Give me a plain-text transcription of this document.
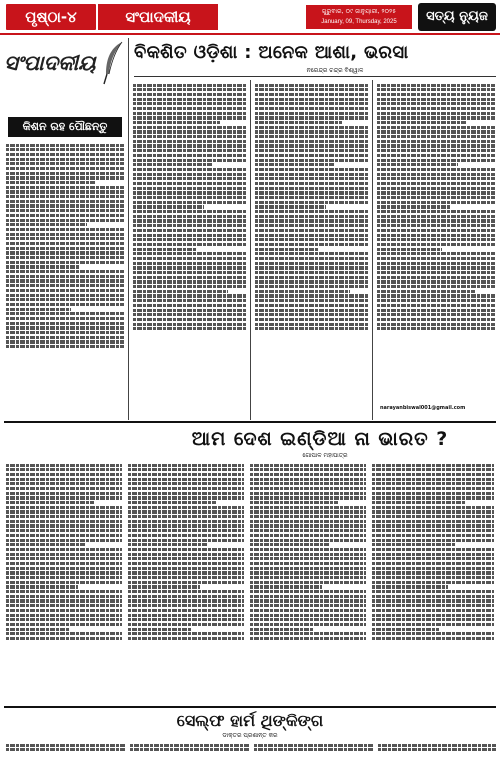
ପୃଷ୍ଠା-୪	ସଂପାଦକୀୟ	ଗୁରୁବାର, ୦୯ ଜାନୁୟାରୀ, ୨୦୨୫
January, 09, Thursday, 2025	ସତ୍ୟ ନ୍ୟୁଜ
ସଂପାଦକୀୟ	ବିକଶିତ ଓଡ଼ିଶା : ଅନେକ ଆଶା, ଭରସା
ନରେନ୍ଦ୍ର ଚନ୍ଦ୍ର ବିଶ୍ୱାଳ
କିଶନ ରହ ପୌଛନ୍ତୁ
narayanbiswal001@gmail.com
ଆମ ଦେଶ ଇଣ୍ଡିଆ ନା ଭାରତ ?
ଗୋପାଳ ମହାପାତ୍ର
ସେଲ୍ଫ ହାର୍ମ ଥିଙ୍କିଙ୍ଗ
ଡାକ୍ତର ପ୍ରଶାନ୍ତ କର
